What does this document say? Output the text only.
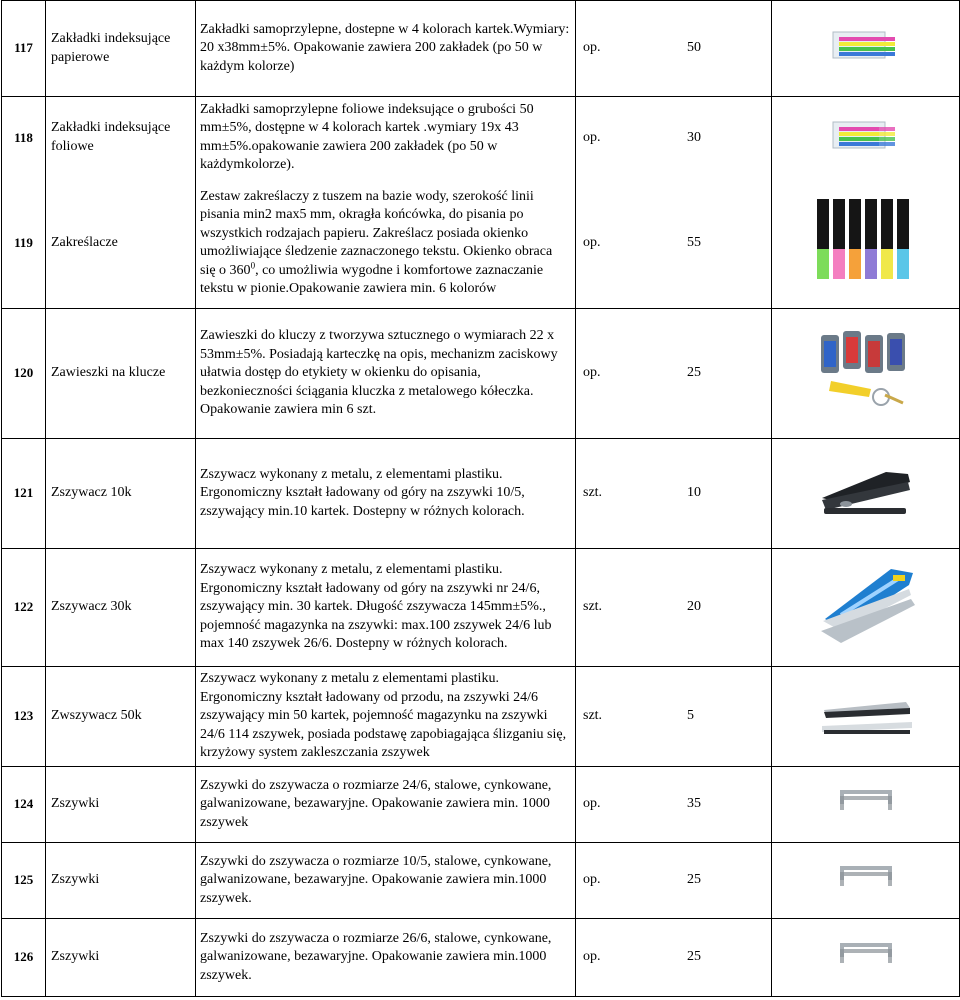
117	Zakładki indeksujące papierowe	Zakładki samoprzylepne, dostepne w 4 kolorach kartek.Wymiary: 20 x38mm±5%. Opakowanie zawiera 200 zakładek (po 50 w każdym kolorze)	op. 50	
118	Zakładki indeksujące foliowe	Zakładki samoprzylepne foliowe indeksujące o grubości 50 mm±5%, dostępne w 4 kolorach kartek .wymiary 19x 43 mm±5%.opakowanie zawiera 200 zakładek (po 50 w każdymkolorze).	op. 30	
119	Zakreślacze	Zestaw zakreślaczy z tuszem na bazie wody, szerokość linii pisania min2 max5 mm, okragła końcówka, do pisania po wszystkich rodzajach papieru. Zakreślacz posiada okienko umożliwiające śledzenie zaznaczonego tekstu. Okienko obraca się o $360^0$, co umożliwia wygodne i komfortowe zaznaczanie tekstu w pionie.Opakowanie zawiera min. 6 kolorów	op. 55	
120	Zawieszki na klucze	Zawieszki do kluczy z tworzywa sztucznego o wymiarach 22 x 53mm±5%. Posiadają karteczkę na opis, mechanizm zaciskowy ułatwia dostęp do etykiety w okienku do opisania, bezkonieczności ściągania kluczka z metalowego kółeczka. Opakowanie zawiera min 6 szt.	op. 25	
121	Zszywacz 10k	Zszywacz wykonany z metalu, z elementami plastiku. Ergonomiczny kształt ładowany od góry na zszywki 10/5, zszywający min.10 kartek. Dostepny w różnych kolorach.	szt. 10	
122	Zszywacz 30k	Zszywacz wykonany z metalu, z elementami plastiku. Ergonomiczny kształt ładowany od góry na zszywki nr 24/6, zszywający min. 30 kartek. Długość zszywacza 145mm±5%., pojemność magazynka na zszywki: max.100 zszywek 24/6 lub max 140 zszywek 26/6. Dostepny w różnych kolorach.	szt. 20	
123	Zwszywacz 50k	Zszywacz wykonany z metalu z elementami plastiku. Ergonomiczny kształt ładowany od przodu, na zszywki 24/6 zszywający min 50 kartek, pojemność magazynku na zszywki 24/6 114 zszywek, posiada podstawę zapobiagająca ślizganiu się, krzyżowy system zakleszczania zszywek	szt. 5	
124	Zszywki	Zszywki do zszywacza o rozmiarze 24/6, stalowe, cynkowane, galwanizowane, bezawaryjne. Opakowanie zawiera min. 1000 zszywek	op. 35	
125	Zszywki	Zszywki do zszywacza o rozmiarze 10/5, stalowe, cynkowane, galwanizowane, bezawaryjne. Opakowanie zawiera min.1000 zszywek.	op. 25	
126	Zszywki	Zszywki do zszywacza o rozmiarze 26/6, stalowe, cynkowane, galwanizowane, bezawaryjne. Opakowanie zawiera min.1000 zszywek.	op. 25	
